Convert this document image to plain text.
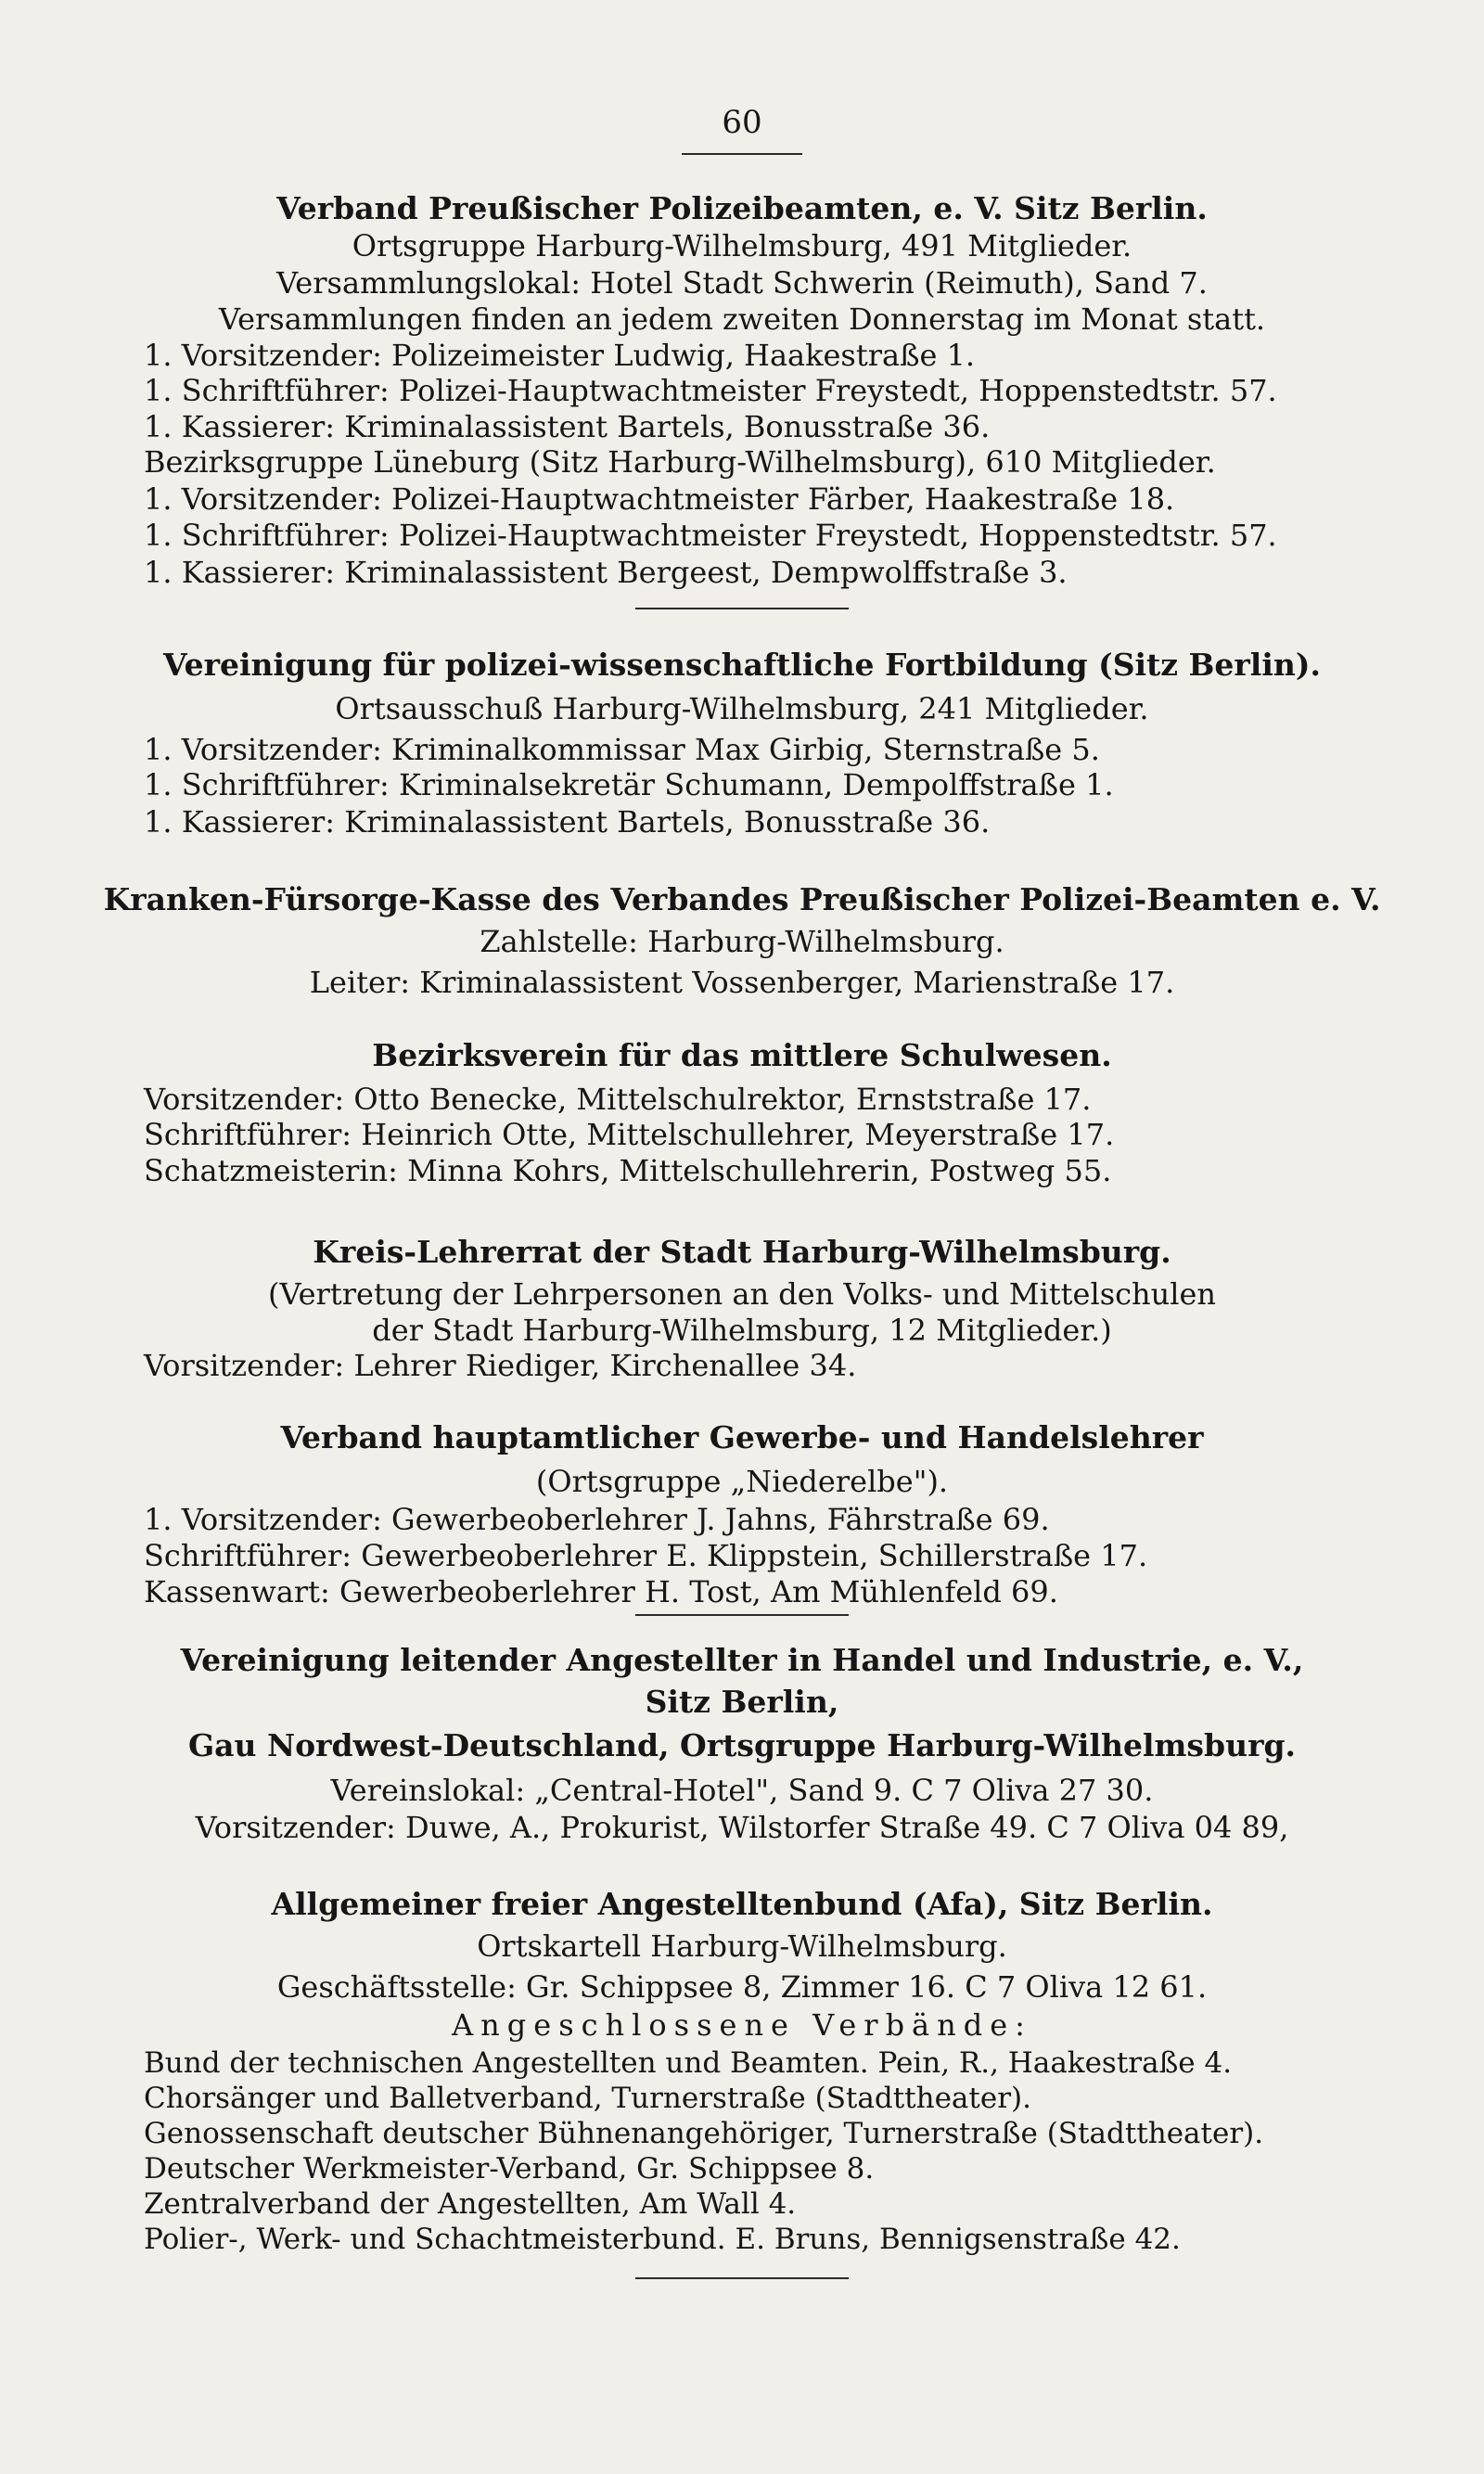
60
Verband Preußischer Polizeibeamten, e. V. Sitz Berlin.
Ortsgruppe Harburg-Wilhelmsburg, 491 Mitglieder.
Versammlungslokal: Hotel Stadt Schwerin (Reimuth), Sand 7.
Versammlungen finden an jedem zweiten Donnerstag im Monat statt.
1. Vorsitzender: Polizeimeister Ludwig, Haakestraße 1.
1. Schriftführer: Polizei-Hauptwachtmeister Freystedt, Hoppenstedtstr. 57.
1. Kassierer: Kriminalassistent Bartels, Bonusstraße 36.
Bezirksgruppe Lüneburg (Sitz Harburg-Wilhelmsburg), 610 Mitglieder.
1. Vorsitzender: Polizei-Hauptwachtmeister Färber, Haakestraße 18.
1. Schriftführer: Polizei-Hauptwachtmeister Freystedt, Hoppenstedtstr. 57.
1. Kassierer: Kriminalassistent Bergeest, Dempwolffstraße 3.
Vereinigung für polizei-wissenschaftliche Fortbildung (Sitz Berlin).
Ortsausschuß Harburg-Wilhelmsburg, 241 Mitglieder.
1. Vorsitzender: Kriminalkommissar Max Girbig, Sternstraße 5.
1. Schriftführer: Kriminalsekretär Schumann, Dempolffstraße 1.
1. Kassierer: Kriminalassistent Bartels, Bonusstraße 36.
Kranken-Fürsorge-Kasse des Verbandes Preußischer Polizei-Beamten e. V.
Zahlstelle: Harburg-Wilhelmsburg.
Leiter: Kriminalassistent Vossenberger, Marienstraße 17.
Bezirksverein für das mittlere Schulwesen.
Vorsitzender: Otto Benecke, Mittelschulrektor, Ernststraße 17.
Schriftführer: Heinrich Otte, Mittelschullehrer, Meyerstraße 17.
Schatzmeisterin: Minna Kohrs, Mittelschullehrerin, Postweg 55.
Kreis-Lehrerrat der Stadt Harburg-Wilhelmsburg.
(Vertretung der Lehrpersonen an den Volks- und Mittelschulen
der Stadt Harburg-Wilhelmsburg, 12 Mitglieder.)
Vorsitzender: Lehrer Riediger, Kirchenallee 34.
Verband hauptamtlicher Gewerbe- und Handelslehrer
(Ortsgruppe „Niederelbe").
1. Vorsitzender: Gewerbeoberlehrer J. Jahns, Fährstraße 69.
Schriftführer: Gewerbeoberlehrer E. Klippstein, Schillerstraße 17.
Kassenwart: Gewerbeoberlehrer H. Tost, Am Mühlenfeld 69.
Vereinigung leitender Angestellter in Handel und Industrie, e. V.,
Sitz Berlin,
Gau Nordwest-Deutschland, Ortsgruppe Harburg-Wilhelmsburg.
Vereinslokal: „Central-Hotel", Sand 9. C 7 Oliva 27 30.
Vorsitzender: Duwe, A., Prokurist, Wilstorfer Straße 49. C 7 Oliva 04 89,
Allgemeiner freier Angestelltenbund (Afa), Sitz Berlin.
Ortskartell Harburg-Wilhelmsburg.
Geschäftsstelle: Gr. Schippsee 8, Zimmer 16. C 7 Oliva 12 61.
Angeschlossene Verbände:
Bund der technischen Angestellten und Beamten. Pein, R., Haakestraße 4.
Chorsänger und Balletverband, Turnerstraße (Stadttheater).
Genossenschaft deutscher Bühnenangehöriger, Turnerstraße (Stadttheater).
Deutscher Werkmeister-Verband, Gr. Schippsee 8.
Zentralverband der Angestellten, Am Wall 4.
Polier-, Werk- und Schachtmeisterbund. E. Bruns, Bennigsenstraße 42.
